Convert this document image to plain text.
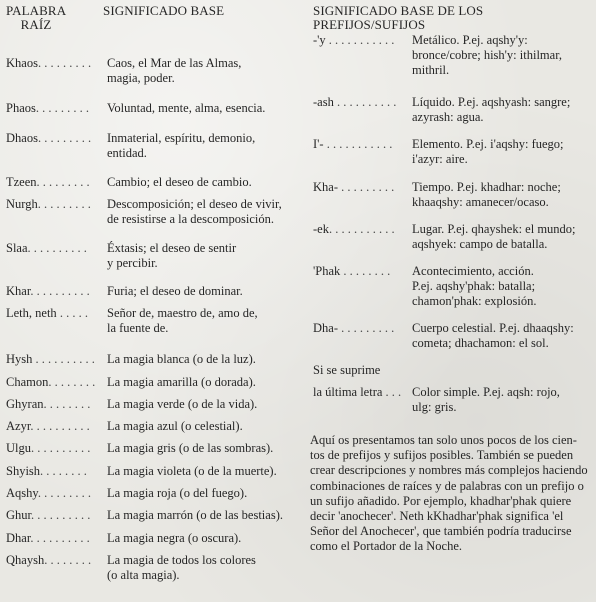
PALABRA
RAÍZ
SIGNIFICADO BASE	SIGNIFICADO BASE DE LOS PREFIJOS/SUFIJOS
Khaos. . . . . . . . . Caos, el Mar de las Almas,
magia, poder.
Phaos. . . . . . . . . Voluntad, mente, alma, esencia.
Dhaos. . . . . . . . . Inmaterial, espíritu, demonio,
entidad.
Tzeen. . . . . . . . . Cambio; el deseo de cambio.
Nurgh. . . . . . . . . Descomposición; el deseo de vivir,
de resistirse a la descomposición.
Slaa. . . . . . . . . . Éxtasis; el deseo de sentir
y percibir.
Khar. . . . . . . . . . Furia; el deseo de dominar.
Leth, neth . . . . . Señor de, maestro de, amo de,
la fuente de.
Hysh . . . . . . . . . . La magia blanca (o de la luz).
Chamon. . . . . . . . La magia amarilla (o dorada).
Ghyran. . . . . . . . La magia verde (o de la vida).
Azyr. . . . . . . . . . La magia azul (o celestial).
Ulgu. . . . . . . . . . La magia gris (o de las sombras).
Shyish. . . . . . . . La magia violeta (o de la muerte).
Aqshy. . . . . . . . . La magia roja (o del fuego).
Ghur. . . . . . . . . . La magia marrón (o de las bestias).
Dhar. . . . . . . . . . La magia negra (o oscura).
Qhaysh. . . . . . . . La magia de todos los colores
(o alta magia).
-'y . . . . . . . . . . . Metálico. P.ej. aqshy'y:
bronce/cobre; hish'y: ithilmar,
mithril.
-ash . . . . . . . . . . Líquido. P.ej. aqshyash: sangre;
azyrash: agua.
I'- . . . . . . . . . . . Elemento. P.ej. i'aqshy: fuego;
i'azyr: aire.
Kha- . . . . . . . . . Tiempo. P.ej. khadhar: noche;
khaaqshy: amanecer/ocaso.
-ek. . . . . . . . . . . Lugar. P.ej. qhayshek: el mundo;
aqshyek: campo de batalla.
'Phak . . . . . . . . Acontecimiento, acción.
P.ej. aqshy'phak: batalla;
chamon'phak: explosión.
Dha- . . . . . . . . . Cuerpo celestial. P.ej. dhaaqshy:
cometa; dhachamon: el sol.
Si se suprime
la última letra . . . Color simple. P.ej. aqsh: rojo,
ulg: gris.
Aquí os presentamos tan solo unos pocos de los cien-
tos de prefijos y sufijos posibles. También se pueden
crear descripciones y nombres más complejos haciendo
combinaciones de raíces y de palabras con un prefijo o
un sufijo añadido. Por ejemplo, khadhar'phak quiere
decir 'anochecer'. Neth kKhadhar'phak significa 'el
Señor del Anochecer', que también podría traducirse
como el Portador de la Noche.
